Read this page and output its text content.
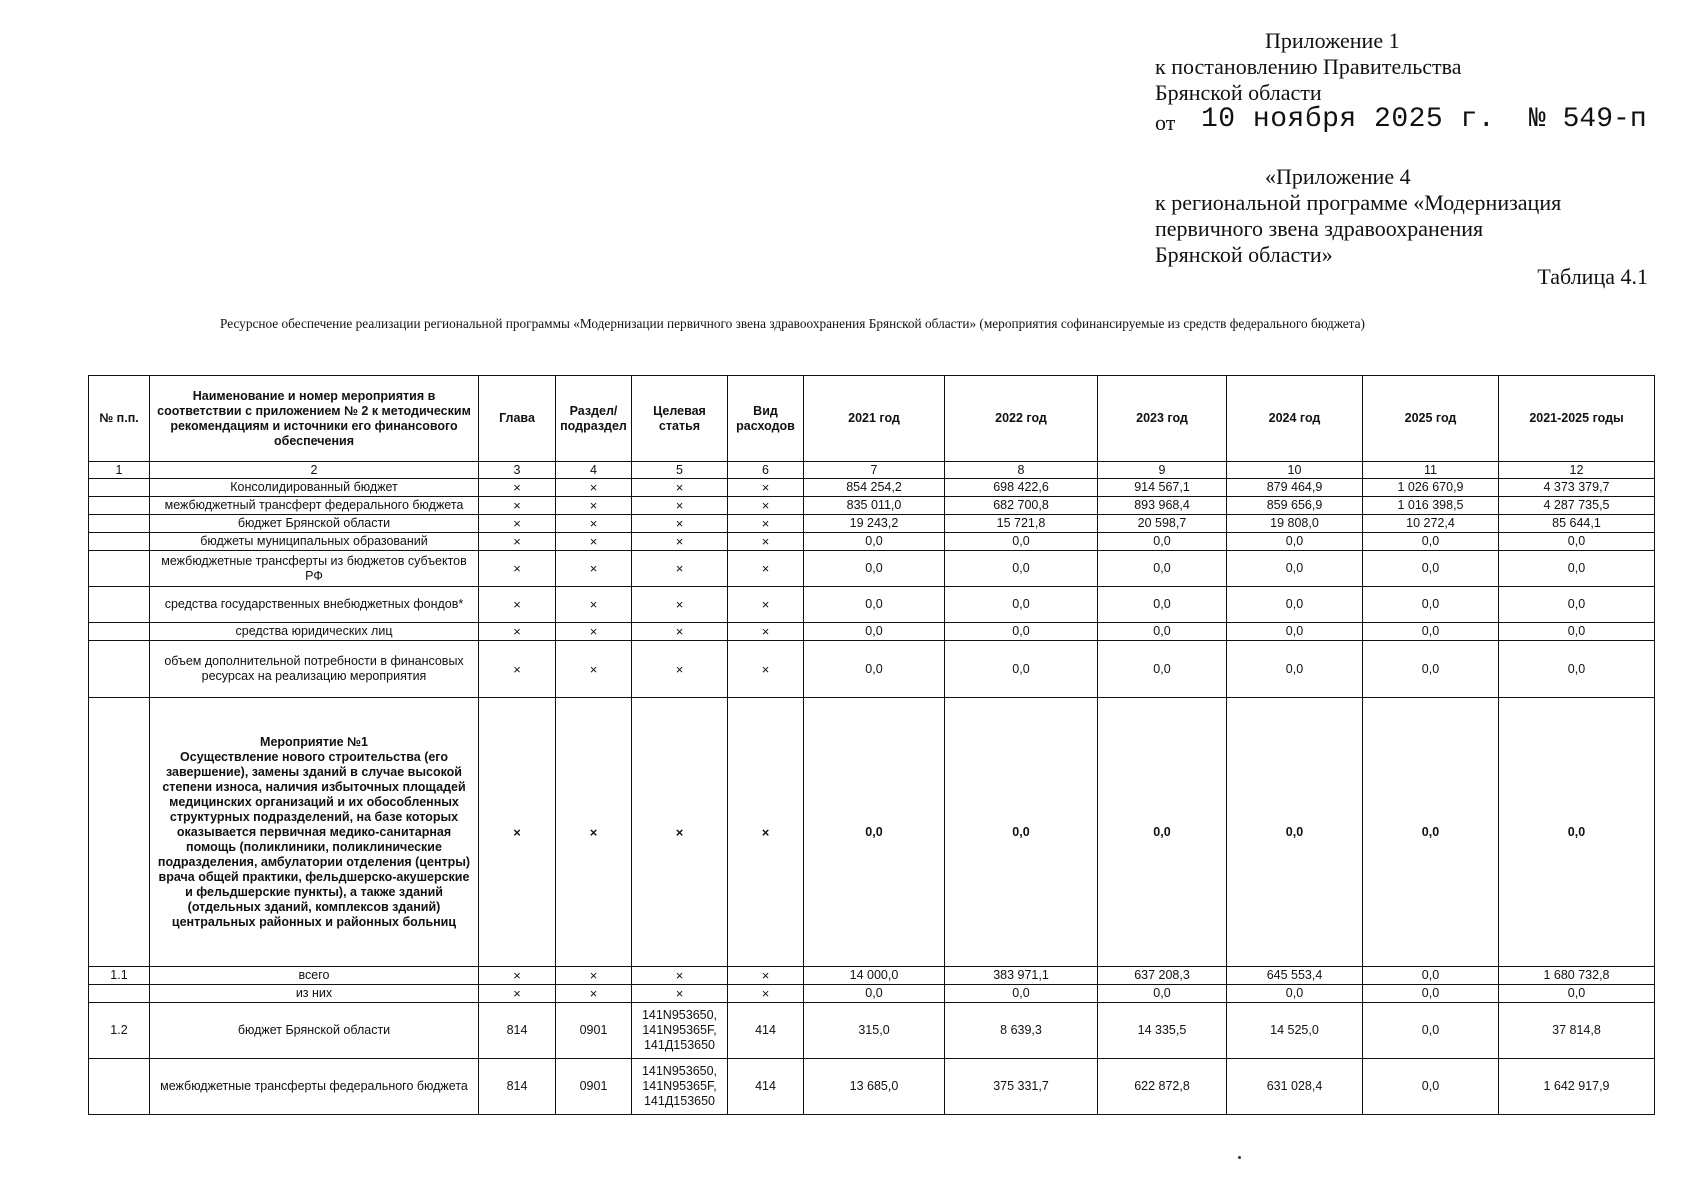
Приложение 1
к постановлению Правительства
Брянской области
от 10 ноября 2025 г. № 549-п
«Приложение 4
к региональной программе «Модернизация
первичного звена здравоохранения
Брянской области»
Таблица 4.1
Ресурсное обеспечение реализации региональной программы «Модернизации первичного звена здравоохранения Брянской области» (мероприятия софинансируемые из средств федерального бюджета)
№ п.п.	Наименование и номер мероприятия в соответствии с приложением № 2 к методическим рекомендациям и источники его финансового обеспечения	Глава	Раздел/ подраздел	Целевая статья	Вид расходов	2021 год	2022 год	2023 год	2024 год	2025 год	2021-2025 годы
1	2	3	4	5	6	7	8	9	10	11	12
	Консолидированный бюджет	×	×	×	×	854 254,2	698 422,6	914 567,1	879 464,9	1 026 670,9	4 373 379,7
	межбюджетный трансферт федерального бюджета	×	×	×	×	835 011,0	682 700,8	893 968,4	859 656,9	1 016 398,5	4 287 735,5
	бюджет Брянской области	×	×	×	×	19 243,2	15 721,8	20 598,7	19 808,0	10 272,4	85 644,1
	бюджеты муниципальных образований	×	×	×	×	0,0	0,0	0,0	0,0	0,0	0,0
	межбюджетные трансферты из бюджетов субъектов РФ	×	×	×	×	0,0	0,0	0,0	0,0	0,0	0,0
	средства государственных внебюджетных фондов*	×	×	×	×	0,0	0,0	0,0	0,0	0,0	0,0
	средства юридических лиц	×	×	×	×	0,0	0,0	0,0	0,0	0,0	0,0
	объем дополнительной потребности в финансовых ресурсах на реализацию мероприятия	×	×	×	×	0,0	0,0	0,0	0,0	0,0	0,0
	Мероприятие №1
Осуществление нового строительства (его завершение), замены зданий в случае высокой степени износа, наличия избыточных площадей медицинских организаций и их обособленных структурных подразделений, на базе которых оказывается первичная медико-санитарная помощь (поликлиники, поликлинические подразделения, амбулатории отделения (центры) врача общей практики, фельдшерско-акушерские и фельдшерские пункты), а также зданий (отдельных зданий, комплексов зданий) центральных районных и районных больниц	×	×	×	×	0,0	0,0	0,0	0,0	0,0	0,0
1.1	всего	×	×	×	×	14 000,0	383 971,1	637 208,3	645 553,4	0,0	1 680 732,8
	из них	×	×	×	×	0,0	0,0	0,0	0,0	0,0	0,0
1.2	бюджет Брянской области	814	0901	141N953650,
141N95365F,
141Д153650	414	315,0	8 639,3	14 335,5	14 525,0	0,0	37 814,8
	межбюджетные трансферты федерального бюджета	814	0901	141N953650,
141N95365F,
141Д153650	414	13 685,0	375 331,7	622 872,8	631 028,4	0,0	1 642 917,9
